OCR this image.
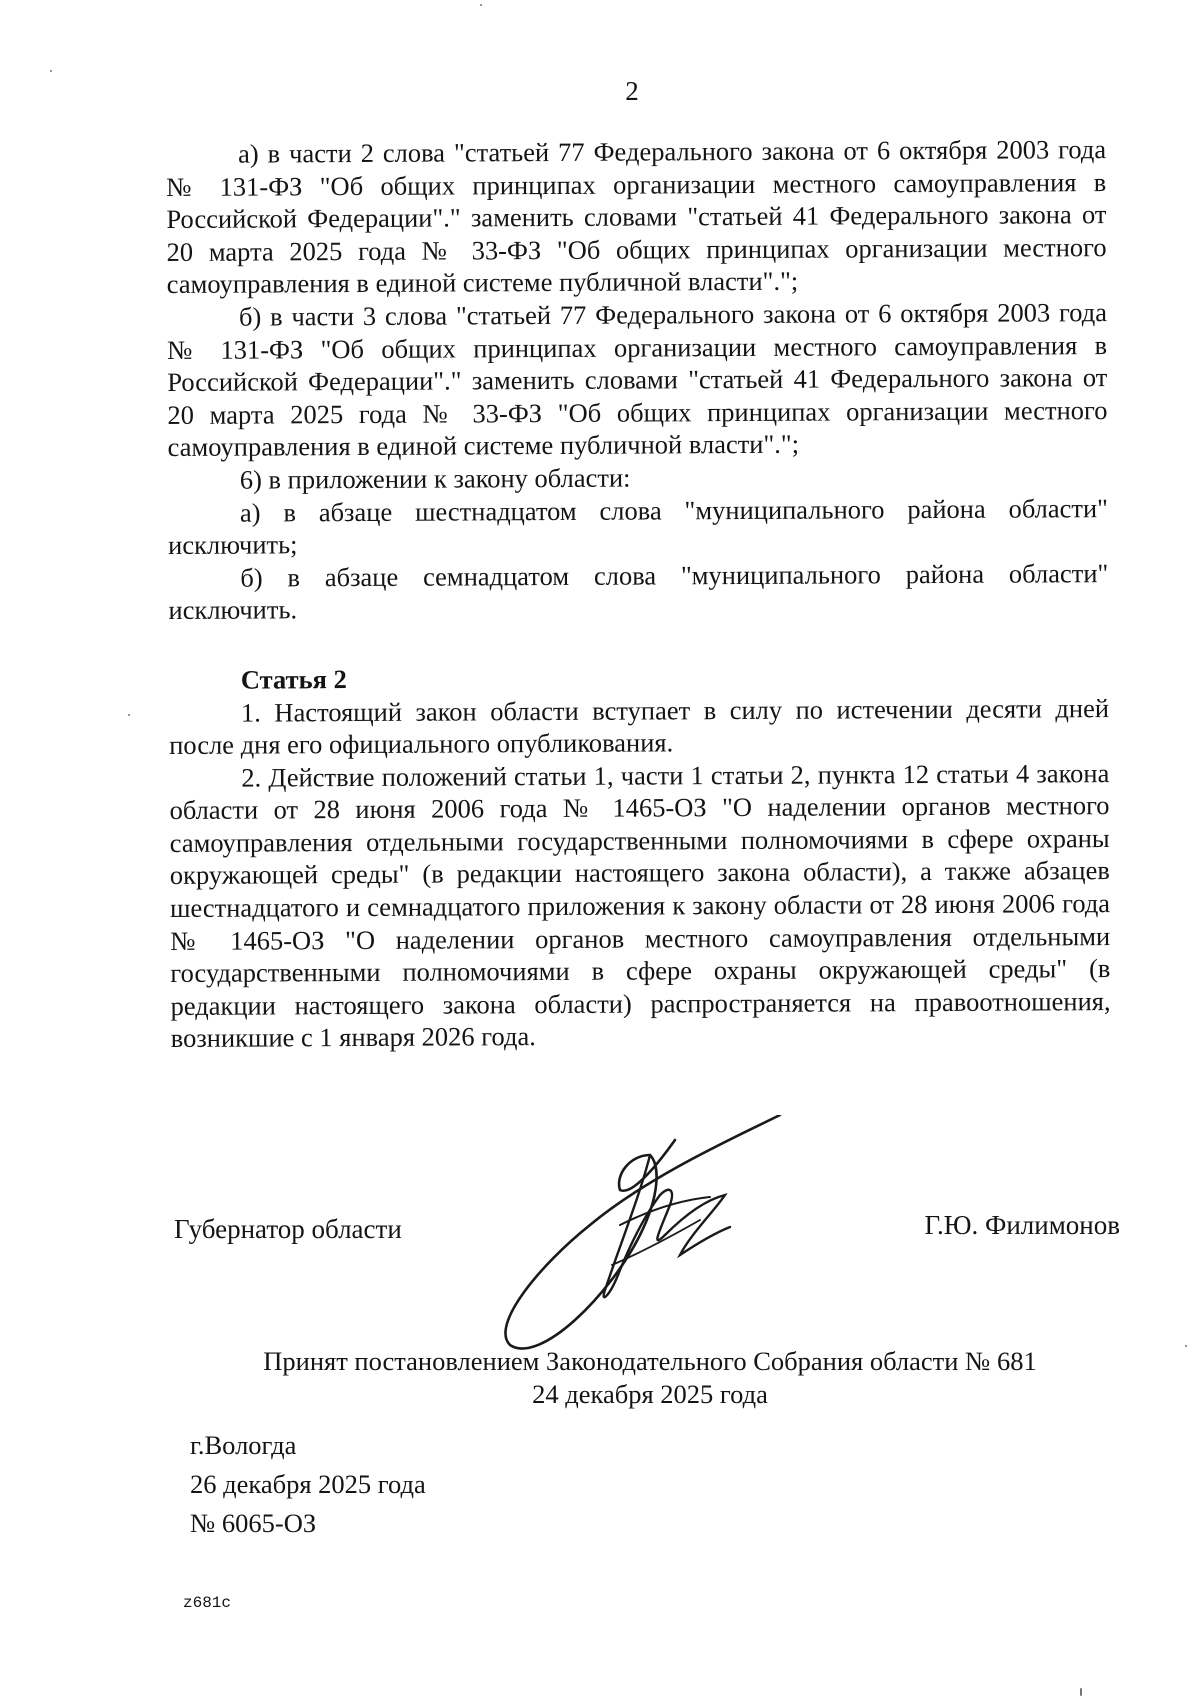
2

а) в части 2 слова "статьей 77 Федерального закона от 6 октября 2003 года № 131-ФЗ "Об общих принципах организации местного самоуправления в Российской Федерации"." заменить словами "статьей 41 Федерального закона от 20 марта 2025 года № 33-ФЗ "Об общих принципах организации местного самоуправления в единой системе публичной власти".";

б) в части 3 слова "статьей 77 Федерального закона от 6 октября 2003 года № 131-ФЗ "Об общих принципах организации местного самоуправления в Российской Федерации"." заменить словами "статьей 41 Федерального закона от 20 марта 2025 года № 33-ФЗ "Об общих принципах организации местного самоуправления в единой системе публичной власти".";

6) в приложении к закону области:

а) в абзаце шестнадцатом слова "муниципального района области" исключить;

б) в абзаце семнадцатом слова "муниципального района области" исключить.

Статья 2

1. Настоящий закон области вступает в силу по истечении десяти дней после дня его официального опубликования.

2. Действие положений статьи 1, части 1 статьи 2, пункта 12 статьи 4 закона области от 28 июня 2006 года № 1465-ОЗ "О наделении органов местного самоуправления отдельными государственными полномочиями в сфере охраны окружающей среды" (в редакции настоящего закона области), а также абзацев шестнадцатого и семнадцатого приложения к закону области от 28 июня 2006 года № 1465-ОЗ "О наделении органов местного самоуправления отдельными государственными полномочиями в сфере охраны окружающей среды" (в редакции настоящего закона области) распространяется на правоотношения, возникшие с 1 января 2026 года.

Губернатор области	Г.Ю. Филимонов
Принят постановлением Законодательного Собрания области № 681
24 декабря 2025 года
г.Вологда
26 декабря 2025 года
№ 6065-ОЗ
z681c
